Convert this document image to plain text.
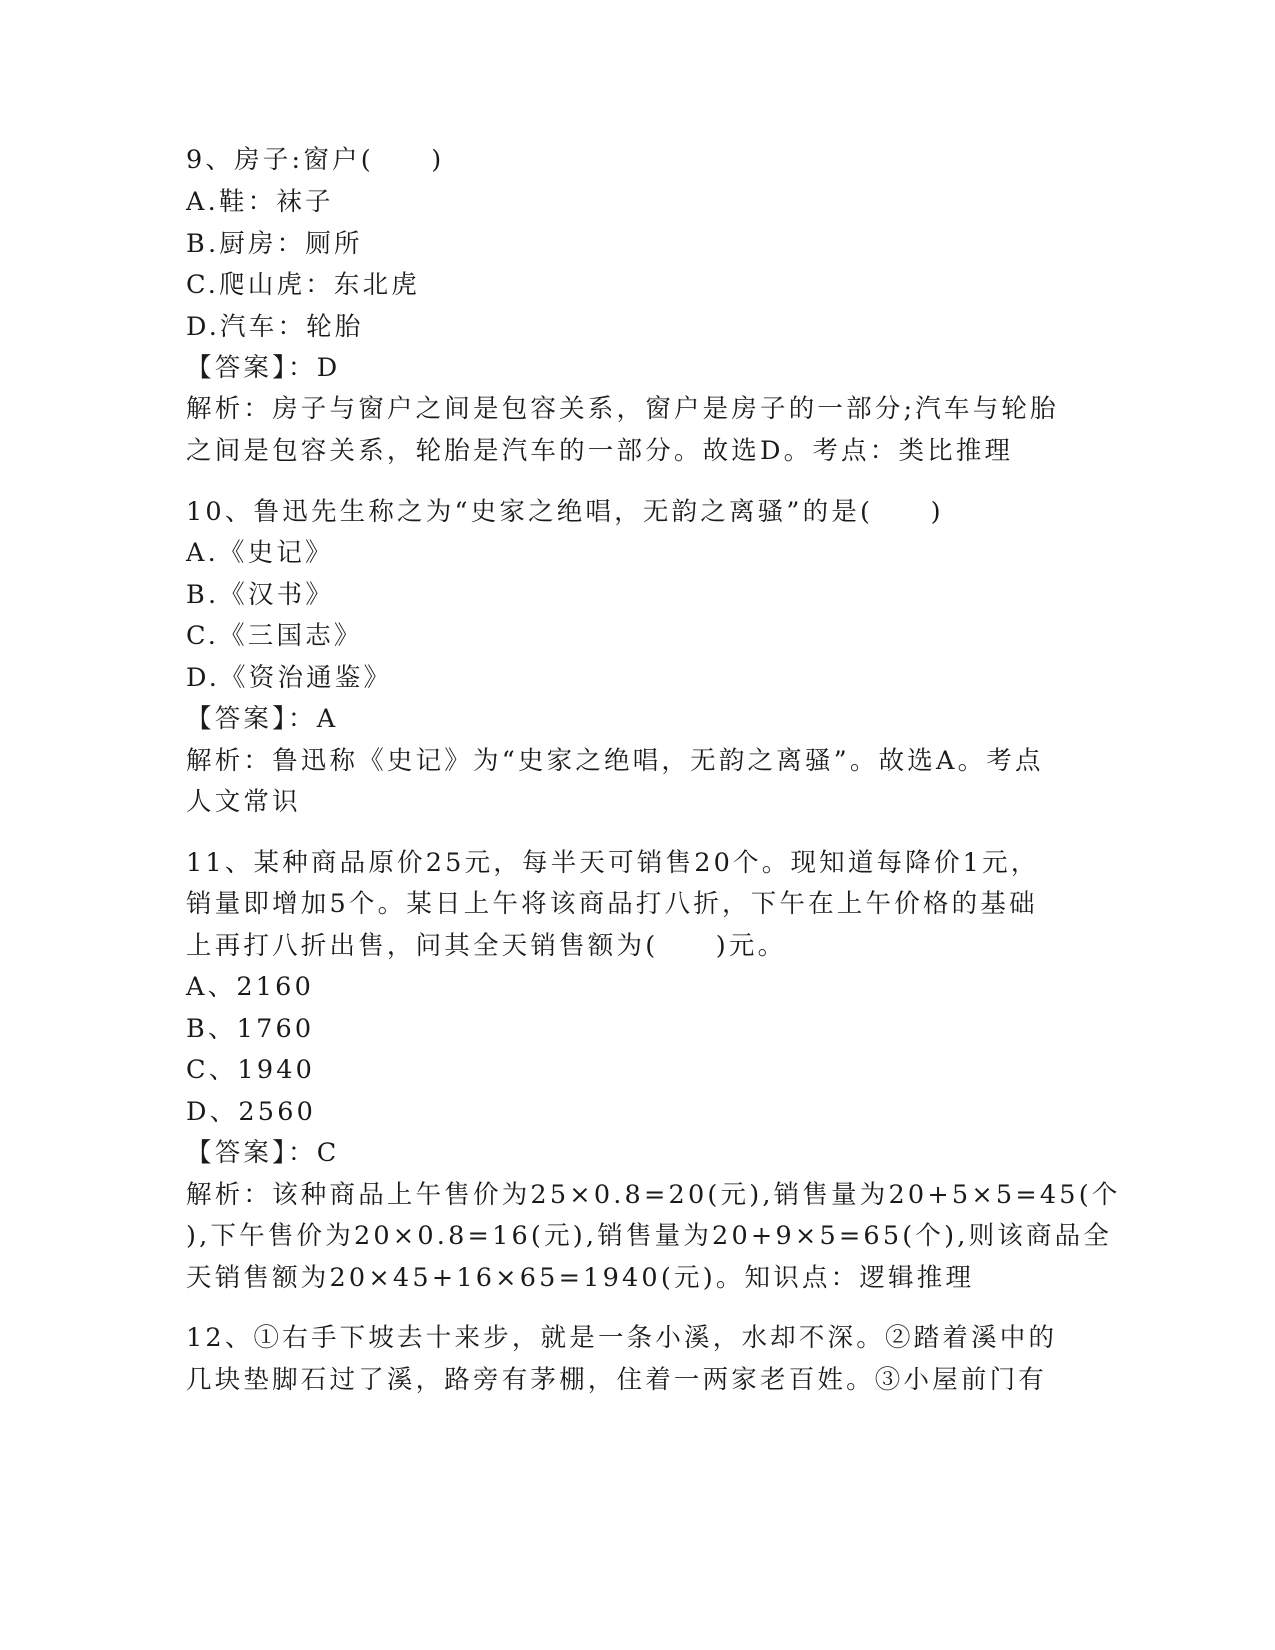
9、房子:窗户(　　)
A.鞋：袜子
B.厨房：厕所
C.爬山虎：东北虎
D.汽车：轮胎
【答案】：D
解析：房子与窗户之间是包容关系，窗户是房子的一部分;汽车与轮胎
之间是包容关系，轮胎是汽车的一部分。故选D。考点：类比推理
10、鲁迅先生称之为“史家之绝唱，无韵之离骚”的是(　　)
A.《史记》
B.《汉书》
C.《三国志》
D.《资治通鉴》
【答案】：A
解析：鲁迅称《史记》为“史家之绝唱，无韵之离骚”。故选A。考点
人文常识
11、某种商品原价25元，每半天可销售20个。现知道每降价1元，
销量即增加5个。某日上午将该商品打八折，下午在上午价格的基础
上再打八折出售，问其全天销售额为(　　)元。
A、2160
B、1760
C、1940
D、2560
【答案】：C
解析：该种商品上午售价为25×0.8=20(元),销售量为20+5×5=45(个
),下午售价为20×0.8=16(元),销售量为20+9×5=65(个),则该商品全
天销售额为20×45+16×65=1940(元)。知识点：逻辑推理
12、①右手下坡去十来步，就是一条小溪，水却不深。②踏着溪中的
几块垫脚石过了溪，路旁有茅棚，住着一两家老百姓。③小屋前门有
